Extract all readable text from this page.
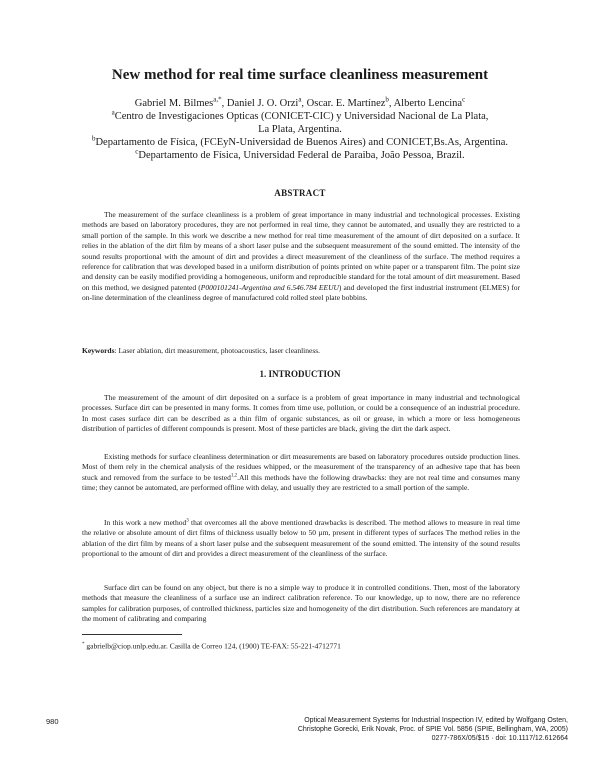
New method for real time surface cleanliness measurement
Gabriel M. Bilmes$^{a,*}$, Daniel J. O. Orzi$^a$, Oscar. E. Martínez$^b$, Alberto Lencina$^c$
$^a$Centro de Investigaciones Opticas (CONICET-CIC) y Universidad Nacional de La Plata,
La Plata, Argentina.
$^b$Departamento de Física, (FCEyN-Universidad de Buenos Aires) and CONICET,Bs.As, Argentina.
$^c$Departamento de Física, Universidad Federal de Paraiba, João Pessoa, Brazil.
ABSTRACT

The measurement of the surface cleanliness is a problem of great importance in many industrial and technological processes. Existing methods are based on laboratory procedures, they are not performed in real time, they cannot be automated, and usually they are restricted to a small portion of the sample. In this work we describe a new method for real time measurement of the amount of dirt deposited on a surface. It relies in the ablation of the dirt film by means of a short laser pulse and the subsequent measurement of the sound emitted. The intensity of the sound results proportional with the amount of dirt and provides a direct measurement of the cleanliness of the surface. The method requires a reference for calibration that was developed based in a uniform distribution of points printed on white paper or a transparent film. The point size and density can be easily modified providing a homogeneous, uniform and reproducible standard for the total amount of dirt measurement. Based on this method, we designed patented (P000101241-Argentina and 6.546.784 EEUU) and developed the first industrial instrument (ELMES) for on-line determination of the cleanliness degree of manufactured cold rolled steel plate bobbins.

Keywords: Laser ablation, dirt measurement, photoacoustics, laser cleanliness.
1. INTRODUCTION

The measurement of the amount of dirt deposited on a surface is a problem of great importance in many industrial and technological processes. Surface dirt can be presented in many forms. It comes from time use, pollution, or could be a consequence of an industrial procedure. In most cases surface dirt can be described as a thin film of organic substances, as oil or grease, in which a more or less homogeneous distribution of particles of different compounds is present. Most of these particles are black, giving the dirt the dark aspect.

Existing methods for surface cleanliness determination or dirt measurements are based on laboratory procedures outside production lines. Most of them rely in the chemical analysis of the residues whipped, or the measurement of the transparency of an adhesive tape that has been stuck and removed from the surface to be tested$^{1,2}$.All this methods have the following drawbacks: they are not real time and consumes many time; they cannot be automated, are performed offline with delay, and usually they are restricted to a small portion of the sample.

In this work a new method$^3$ that overcomes all the above mentioned drawbacks is described. The method allows to measure in real time the relative or absolute amount of dirt films of thickness usually below to 50 µm, present in different types of surfaces The method relies in the ablation of the dirt film by means of a short laser pulse and the subsequent measurement of the sound emitted. The intensity of the sound results proportional to the amount of dirt and provides a direct measurement of the cleanliness of the surface.

Surface dirt can be found on any object, but there is no a simple way to produce it in controlled conditions. Then, most of the laboratory methods that measure the cleanliness of a surface use an indirect calibration reference. To our knowledge, up to now, there are no reference samples for calibration purposes, of controlled thickness, particles size and homogeneity of the dirt distribution. Such references are mandatory at the moment of calibrating and comparing

* gabrielb@ciop.unlp.edu.ar. Casilla de Correo 124, (1900) TE-FAX: 55-221-4712771
980	Optical Measurement Systems for Industrial Inspection IV, edited by Wolfgang Osten,
Christophe Gorecki, Erik Novak, Proc. of SPIE Vol. 5856 (SPIE, Bellingham, WA, 2005)
0277-786X/05/$15 · doi: 10.1117/12.612664
